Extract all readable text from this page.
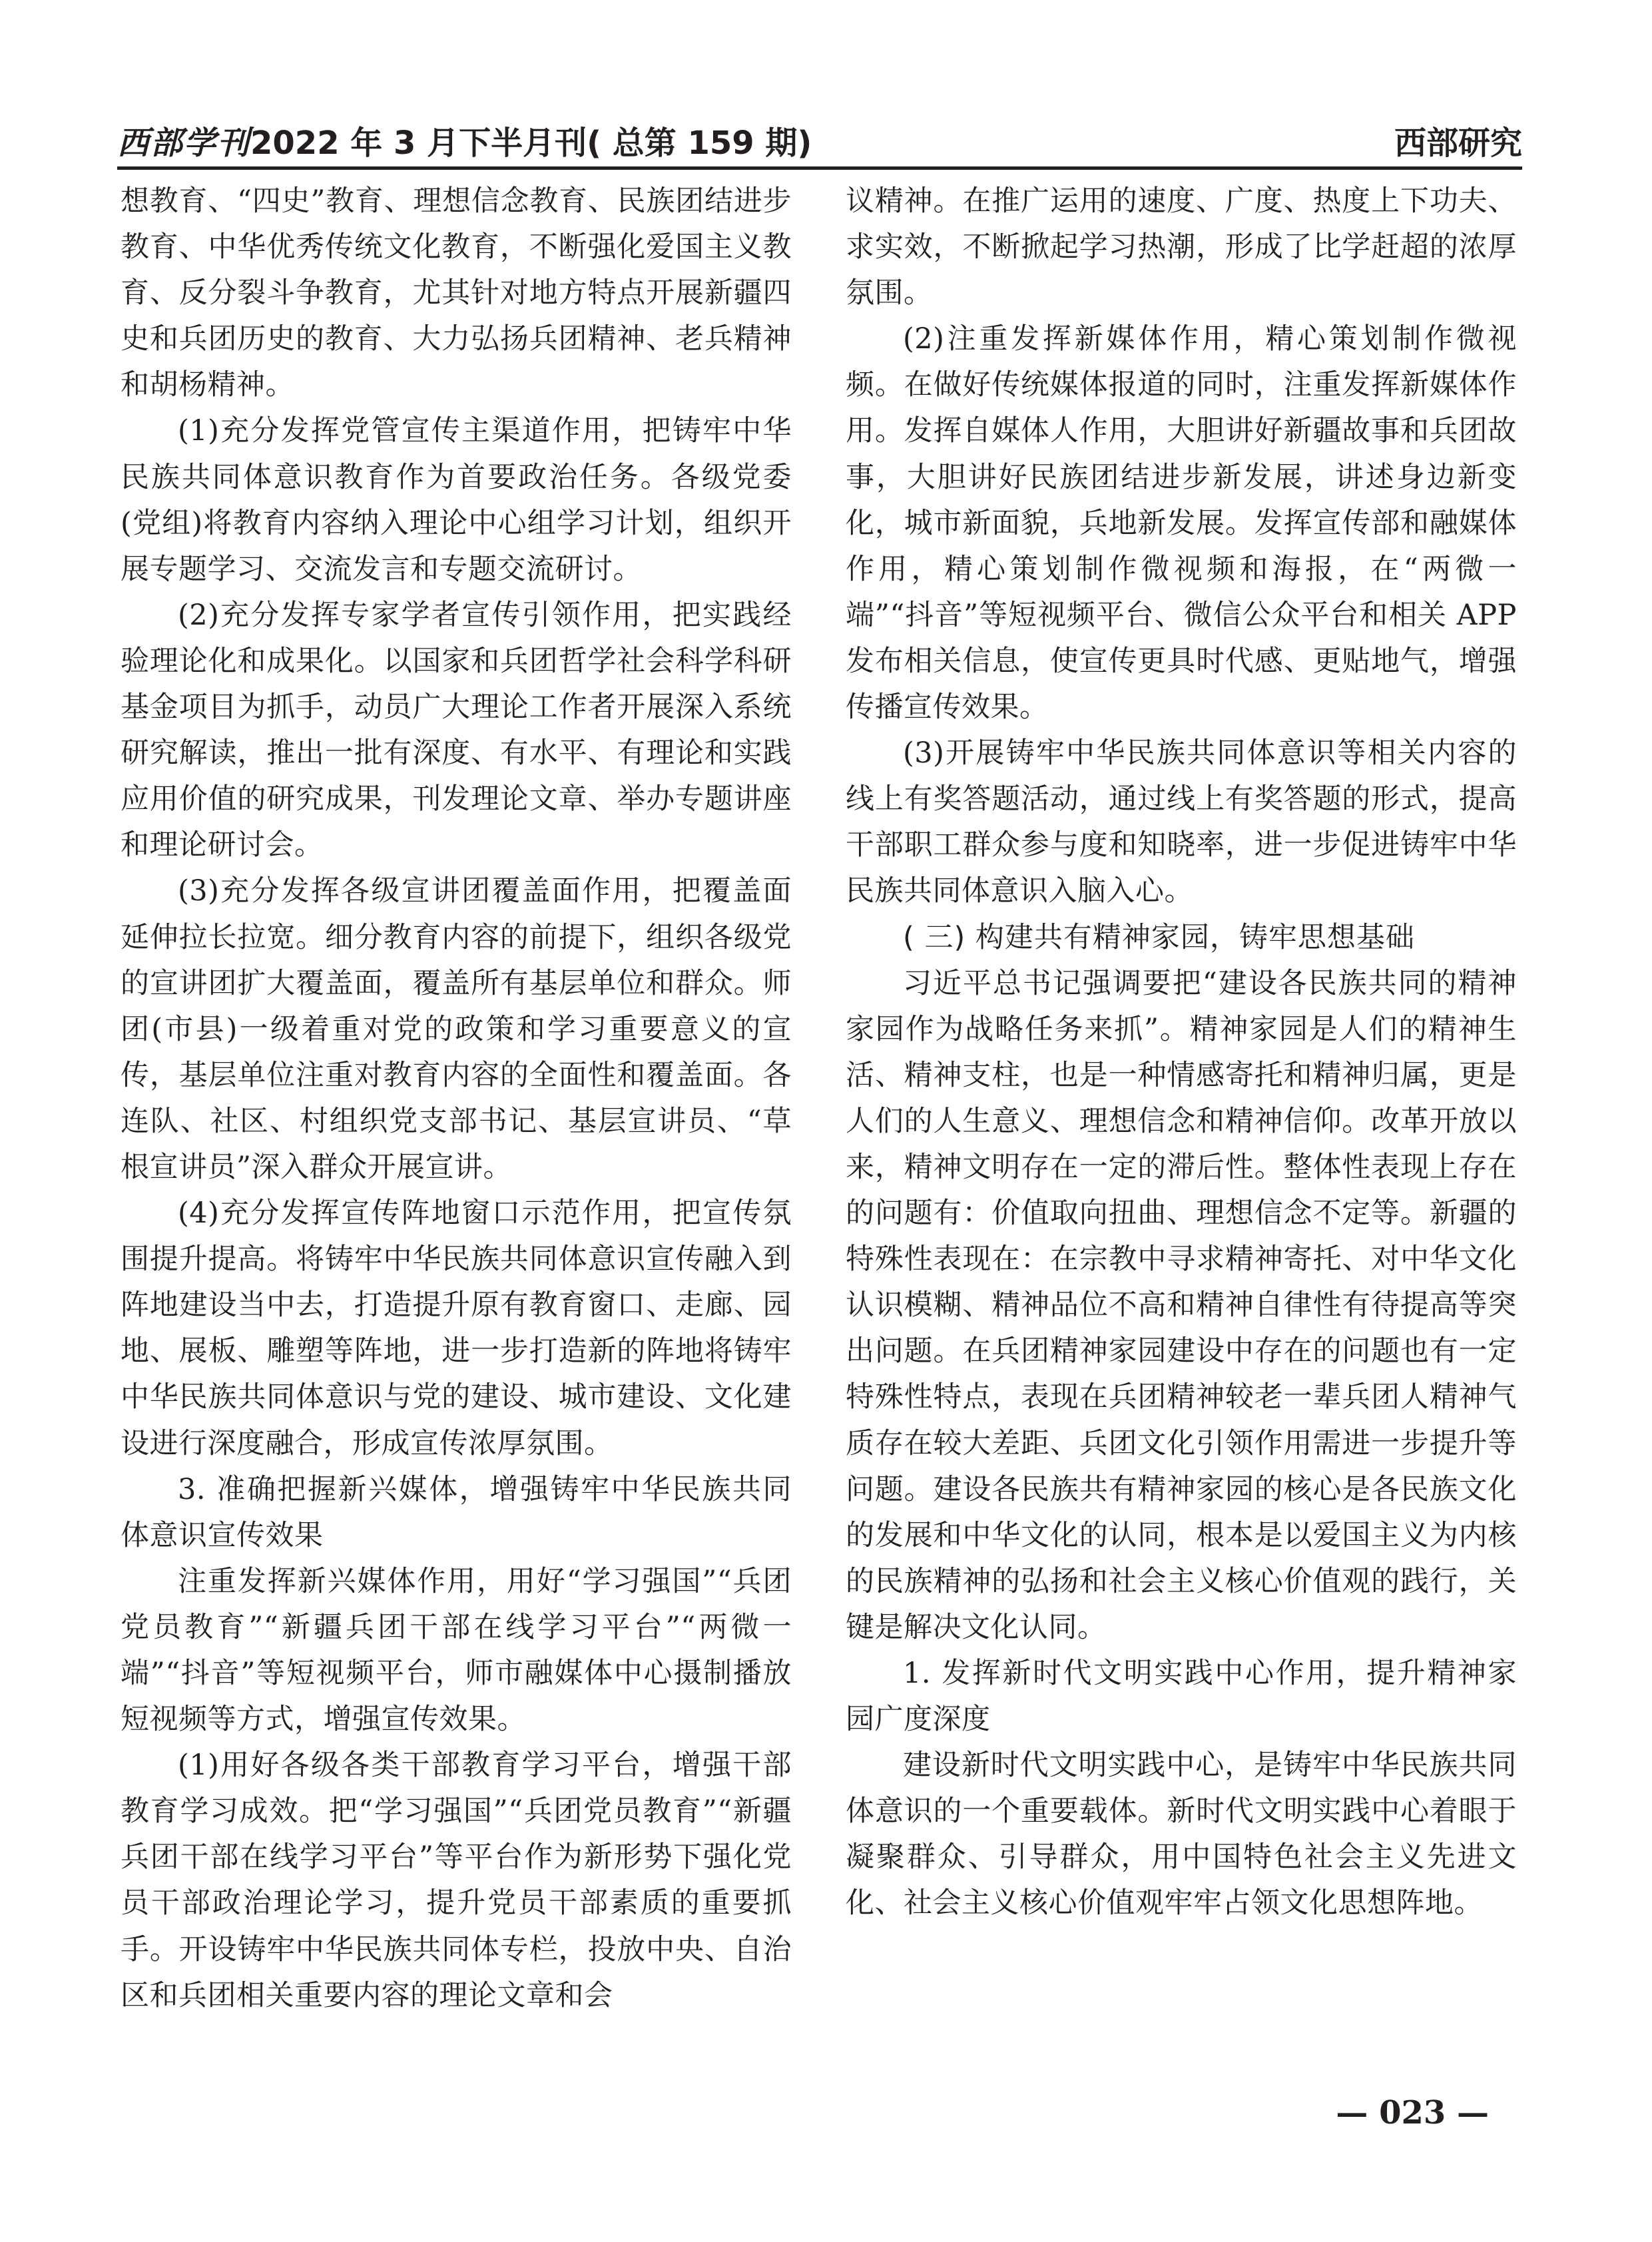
西部学刊 2022 年 3 月下半月刊( 总第 159 期)	西部研究

想教育、“四史”教育、理想信念教育、民族团结进步教育、中华优秀传统文化教育，不断强化爱国主义教育、反分裂斗争教育，尤其针对地方特点开展新疆四史和兵团历史的教育、大力弘扬兵团精神、老兵精神和胡杨精神。

(1)充分发挥党管宣传主渠道作用，把铸牢中华民族共同体意识教育作为首要政治任务。各级党委(党组)将教育内容纳入理论中心组学习计划，组织开展专题学习、交流发言和专题交流研讨。

(2)充分发挥专家学者宣传引领作用，把实践经验理论化和成果化。以国家和兵团哲学社会科学科研基金项目为抓手，动员广大理论工作者开展深入系统研究解读，推出一批有深度、有水平、有理论和实践应用价值的研究成果，刊发理论文章、举办专题讲座和理论研讨会。

(3)充分发挥各级宣讲团覆盖面作用，把覆盖面延伸拉长拉宽。细分教育内容的前提下，组织各级党的宣讲团扩大覆盖面，覆盖所有基层单位和群众。师团(市县)一级着重对党的政策和学习重要意义的宣传，基层单位注重对教育内容的全面性和覆盖面。各连队、社区、村组织党支部书记、基层宣讲员、“草根宣讲员”深入群众开展宣讲。

(4)充分发挥宣传阵地窗口示范作用，把宣传氛围提升提高。将铸牢中华民族共同体意识宣传融入到阵地建设当中去，打造提升原有教育窗口、走廊、园地、展板、雕塑等阵地，进一步打造新的阵地将铸牢中华民族共同体意识与党的建设、城市建设、文化建设进行深度融合，形成宣传浓厚氛围。

3. 准确把握新兴媒体，增强铸牢中华民族共同体意识宣传效果

注重发挥新兴媒体作用，用好“学习强国”“兵团党员教育”“新疆兵团干部在线学习平台”“两微一端”“抖音”等短视频平台，师市融媒体中心摄制播放短视频等方式，增强宣传效果。

(1)用好各级各类干部教育学习平台，增强干部教育学习成效。把“学习强国”“兵团党员教育”“新疆兵团干部在线学习平台”等平台作为新形势下强化党员干部政治理论学习，提升党员干部素质的重要抓手。开设铸牢中华民族共同体专栏，投放中央、自治区和兵团相关重要内容的理论文章和会

议精神。在推广运用的速度、广度、热度上下功夫、求实效，不断掀起学习热潮，形成了比学赶超的浓厚氛围。

(2)注重发挥新媒体作用，精心策划制作微视频。在做好传统媒体报道的同时，注重发挥新媒体作用。发挥自媒体人作用，大胆讲好新疆故事和兵团故事，大胆讲好民族团结进步新发展，讲述身边新变化，城市新面貌，兵地新发展。发挥宣传部和融媒体作用，精心策划制作微视频和海报，在“两微一端”“抖音”等短视频平台、微信公众平台和相关 APP 发布相关信息，使宣传更具时代感、更贴地气，增强传播宣传效果。

(3)开展铸牢中华民族共同体意识等相关内容的线上有奖答题活动，通过线上有奖答题的形式，提高干部职工群众参与度和知晓率，进一步促进铸牢中华民族共同体意识入脑入心。

( 三) 构建共有精神家园，铸牢思想基础

习近平总书记强调要把“建设各民族共同的精神家园作为战略任务来抓”。精神家园是人们的精神生活、精神支柱，也是一种情感寄托和精神归属，更是人们的人生意义、理想信念和精神信仰。改革开放以来，精神文明存在一定的滞后性。整体性表现上存在的问题有：价值取向扭曲、理想信念不定等。新疆的特殊性表现在：在宗教中寻求精神寄托、对中华文化认识模糊、精神品位不高和精神自律性有待提高等突出问题。在兵团精神家园建设中存在的问题也有一定特殊性特点，表现在兵团精神较老一辈兵团人精神气质存在较大差距、兵团文化引领作用需进一步提升等问题。建设各民族共有精神家园的核心是各民族文化的发展和中华文化的认同，根本是以爱国主义为内核的民族精神的弘扬和社会主义核心价值观的践行，关键是解决文化认同。

1. 发挥新时代文明实践中心作用，提升精神家园广度深度

建设新时代文明实践中心，是铸牢中华民族共同体意识的一个重要载体。新时代文明实践中心着眼于凝聚群众、引导群众，用中国特色社会主义先进文化、社会主义核心价值观牢牢占领文化思想阵地。

— 023 —
